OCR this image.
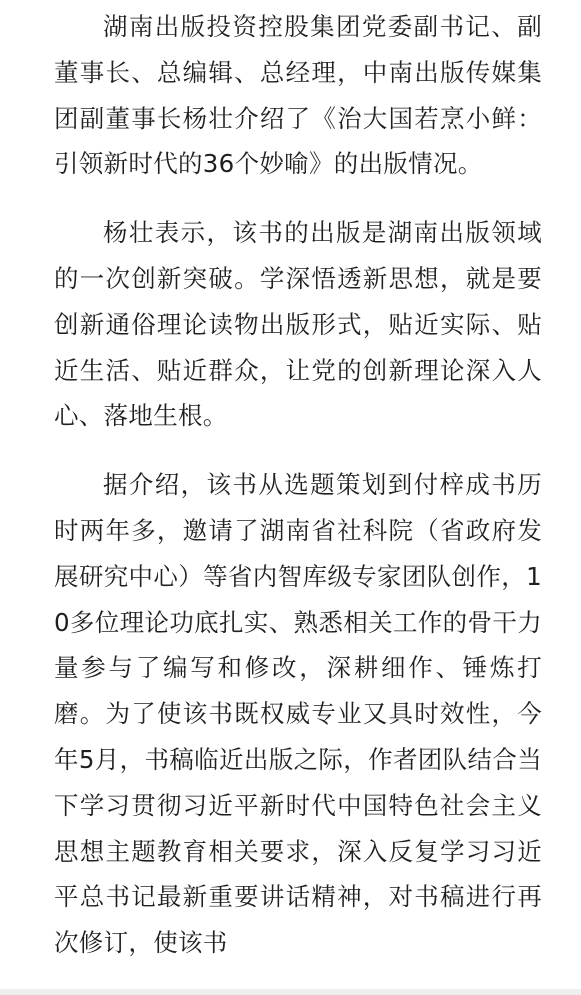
湖南出版投资控股集团党委副书记、副董事长、总编辑、总经理，中南出版传媒集团副董事长杨壮介绍了《治大国若烹小鲜：引领新时代的36个妙喻》的出版情况。

杨壮表示，该书的出版是湖南出版领域的一次创新突破。学深悟透新思想，就是要创新通俗理论读物出版形式，贴近实际、贴近生活、贴近群众，让党的创新理论深入人心、落地生根。

据介绍，该书从选题策划到付梓成书历时两年多，邀请了湖南省社科院（省政府发展研究中心）等省内智库级专家团队创作，10多位理论功底扎实、熟悉相关工作的骨干力量参与了编写和修改，深耕细作、锤炼打磨。为了使该书既权威专业又具时效性，今年5月，书稿临近出版之际，作者团队结合当下学习贯彻习近平新时代中国特色社会主义思想主题教育相关要求，深入反复学习习近平总书记最新重要讲话精神，对书稿进行再次修订，使该书
